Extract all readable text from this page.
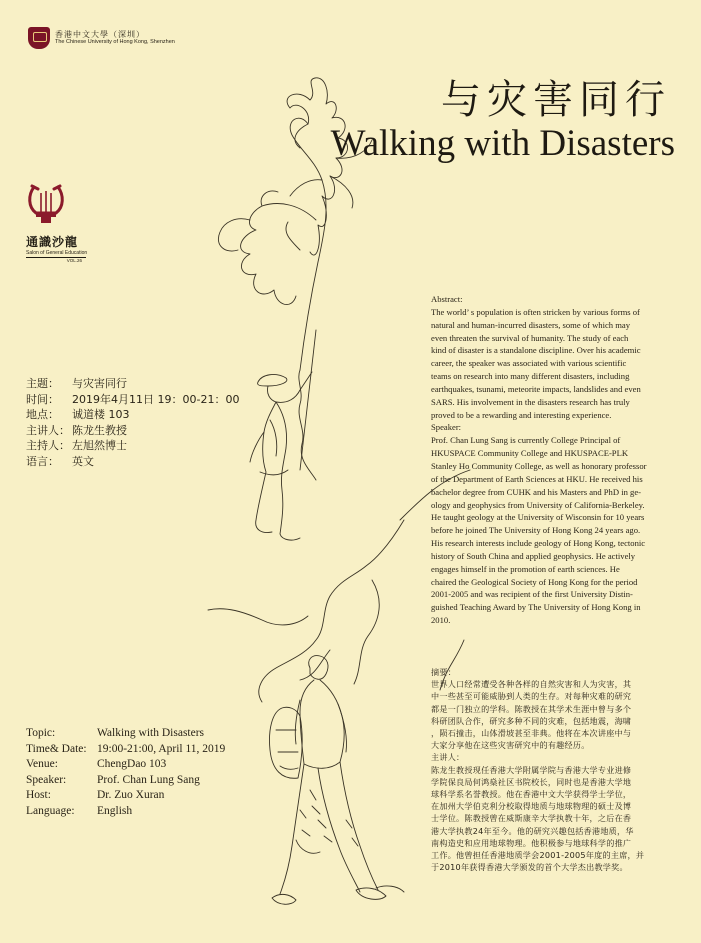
香港中文大學（深圳）
The Chinese University of Hong Kong, Shenzhen
与灾害同行
Walking with Disasters
通識沙龍
Salon of General Education
VOL.26
主题：	与灾害同行
时间：	2019年4月11日 19：00-21：00
地点：	诚道楼 103
主讲人： 陈龙生教授
主持人： 左旭然博士
语言：	英文
Topic:	Walking with Disasters
Time& Date: 19:00-21:00, April 11, 2019
Venue:	ChengDao 103
Speaker:	Prof. Chan Lung Sang
Host:	Dr. Zuo Xuran
Language:	English

Abstract:

The world’ s population is often stricken by various forms of

natural and human-incurred disasters, some of which may

even threaten the survival of humanity. The study of each

kind of disaster is a standalone discipline. Over his academic

career, the speaker was associated with various scientific

teams on research into many different disasters, including

earthquakes, tsunami, meteorite impacts, landslides and even

SARS. His involvement in the disasters research has truly

proved to be a rewarding and interesting experience.

Speaker:

Prof. Chan Lung Sang is currently College Principal of

HKUSPACE Community College and HKUSPACE-PLK

Stanley Ho Community College, as well as honorary professor

of the Department of Earth Sciences at HKU. He received his

bachelor degree from CUHK and his Masters and PhD in ge-

ology and geophysics from University of California-Berkeley.

He taught geology at the University of Wisconsin for 10 years

before he joined The University of Hong Kong 24 years ago.

His research interests include geology of Hong Kong, tectonic

history of South China and applied geophysics. He actively

engages himself in the promotion of earth sciences. He

chaired the Geological Society of Hong Kong for the period

2001-2005 and was recipient of the first University Distin-

guished Teaching Award by The University of Hong Kong in

2010.

摘要：

世界人口经常遭受各种各样的自然灾害和人为灾害，其

中一些甚至可能威胁到人类的生存。对每种灾难的研究

都是一门独立的学科。陈教授在其学术生涯中曾与多个

科研团队合作，研究多种不同的灾难，包括地震，海啸

，陨石撞击，山体滑坡甚至非典。他将在本次讲座中与

大家分享他在这些灾害研究中的有趣经历。

主讲人：

陈龙生教授现任香港大学附属学院与香港大学专业进修

学院保良局何鸿燊社区书院校长，同时也是香港大学地

球科学系名誉教授。他在香港中文大学获得学士学位，

在加州大学伯克利分校取得地质与地球物理的硕士及博

士学位。陈教授曾在威斯康辛大学执教十年，之后在香

港大学执教24年至今。他的研究兴趣包括香港地质，华

南构造史和应用地球物理。他积极参与地球科学的推广

工作。他曾担任香港地质学会2001-2005年度的主席，并

于2010年获得香港大学颁发的首个大学杰出教学奖。
